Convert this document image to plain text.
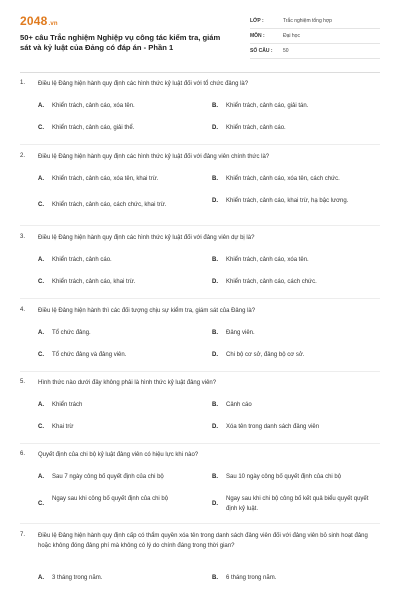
2048.vn
50+ câu Trắc nghiệm Nghiệp vụ công tác kiểm tra, giám sát và kỷ luật của Đảng có đáp án - Phần 1
LỚP :	Trắc nghiệm tổng hợp
MÔN :	Đại học
SỐ CÂU : 50
1. Điều lệ Đảng hiện hành quy định các hình thức kỷ luật đối với tổ chức đảng là?
A. Khiển trách, cảnh cáo, xóa tên.	B. Khiển trách, cảnh cáo, giải tán.
C. Khiển trách, cảnh cáo, giải thể.	D. Khiển trách, cảnh cáo.
2. Điều lệ Đảng hiện hành quy định các hình thức kỷ luật đối với đảng viên chính thức là?
A. Khiển trách, cảnh cáo, xóa tên, khai trừ.	B. Khiển trách, cảnh cáo, xóa tên, cách chức.
C. Khiển trách, cảnh cáo, cách chức, khai trừ.
D. Khiển trách, cảnh cáo, khai trừ, hạ bậc lương.
3. Điều lệ Đảng hiện hành quy định các hình thức kỷ luật đối với đảng viên dự bị là?
A. Khiển trách, cảnh cáo.	B. Khiển trách, cảnh cáo, xóa tên.
C. Khiển trách, cảnh cáo, khai trừ.	D. Khiển trách, cảnh cáo, cách chức.
4. Điều lệ Đảng hiện hành thì các đối tượng chịu sự kiểm tra, giám sát của Đảng là?
A. Tổ chức đảng.	B. Đảng viên.
C. Tổ chức đảng và đảng viên.	D. Chi bộ cơ sở, đảng bộ cơ sở.
5. Hình thức nào dưới đây không phải là hình thức kỷ luật đảng viên?
A. Khiển trách	B. Cảnh cáo
C. Khai trừ	D. Xóa tên trong danh sách đảng viên
6. Quyết định của chi bộ kỷ luật đảng viên có hiệu lực khi nào?
A. Sau 7 ngày công bố quyết định của chi bộ	B. Sau 10 ngày công bố quyết định của chi bộ
C.
Ngay sau khi công bố quyết định của chi bộ
D.
Ngay sau khi chi bộ công bố kết quả biểu quyết quyết định kỷ luật.
7. Điều lệ Đảng hiện hành quy định cấp có thẩm quyền xóa tên trong danh sách đảng viên đối với đảng viên bỏ sinh hoạt đảng hoặc không đóng đảng phí mà không có lý do chính đáng trong thời gian?
A. 3 tháng trong năm.	B. 6 tháng trong năm.
